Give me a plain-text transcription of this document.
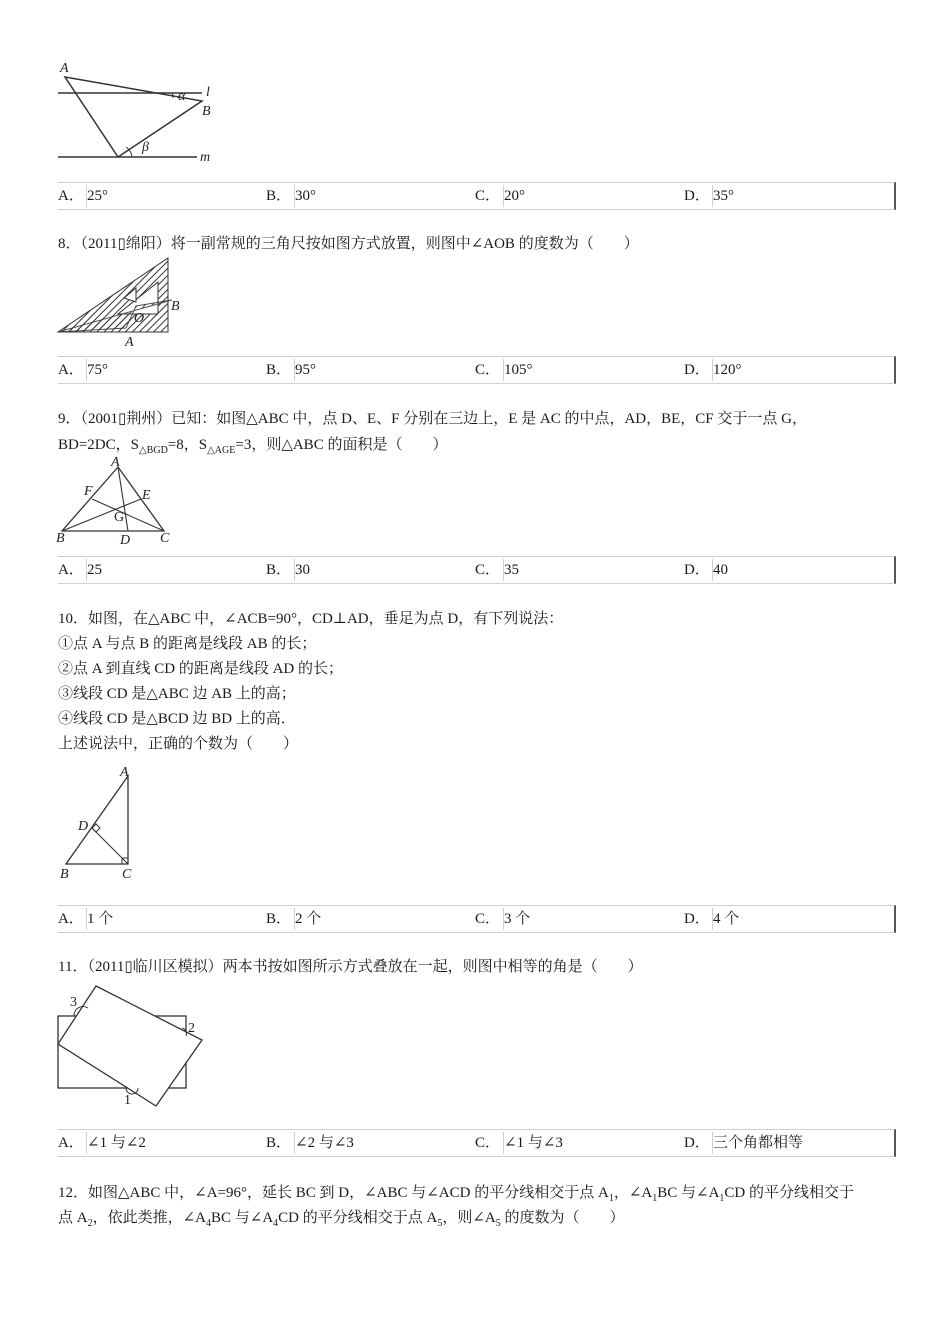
A
l
B
α
β
m
A． 25°	B． 30°	C． 20°	D． 35°
8．（2011▯绵阳）将一副常规的三角尺按如图方式放置，则图中∠AOB 的度数为（　　）
B
O
A
A． 75°	B． 95°	C． 105°	D． 120°
9．（2001▯荆州）已知：如图△ABC 中，点 D、E、F 分别在三边上，E 是 AC 的中点，AD，BE，CF 交于一点 G，
BD=2DC，$S_{\triangle BGD}=8$，$S_{\triangle AGE}=3$，则△ABC 的面积是（　　）
A
F	E
G
B	D C
A． 25	B． 30	C． 35	D． 40
10．如图，在△ABC 中，∠ACB=90°，CD⊥AD，垂足为点 D，有下列说法：
①点 A 与点 B 的距离是线段 AB 的长；
②点 A 到直线 CD 的距离是线段 AD 的长；
③线段 CD 是△ABC 边 AB 上的高；
④线段 CD 是△BCD 边 BD 上的高．
上述说法中，正确的个数为（　　）
A
D
B	C
A． 1 个	B． 2 个	C． 3 个	D． 4 个
11．（2011▯临川区模拟）两本书按如图所示方式叠放在一起，则图中相等的角是（　　）
1
2
3
A． ∠1 与∠2	B． ∠2 与∠3	C． ∠1 与∠3	D． 三个角都相等
12．如图△ABC 中，∠A=96°，延长 BC 到 D，∠ABC 与∠ACD 的平分线相交于点 $A_1$，$\angle A_1BC$ 与$\angle A_1CD$ 的平分线相交于
点 $A_2$，依此类推，$\angle A_4BC$ 与$\angle A_4CD$ 的平分线相交于点 $A_5$，则$\angle A_5$ 的度数为（　　）
